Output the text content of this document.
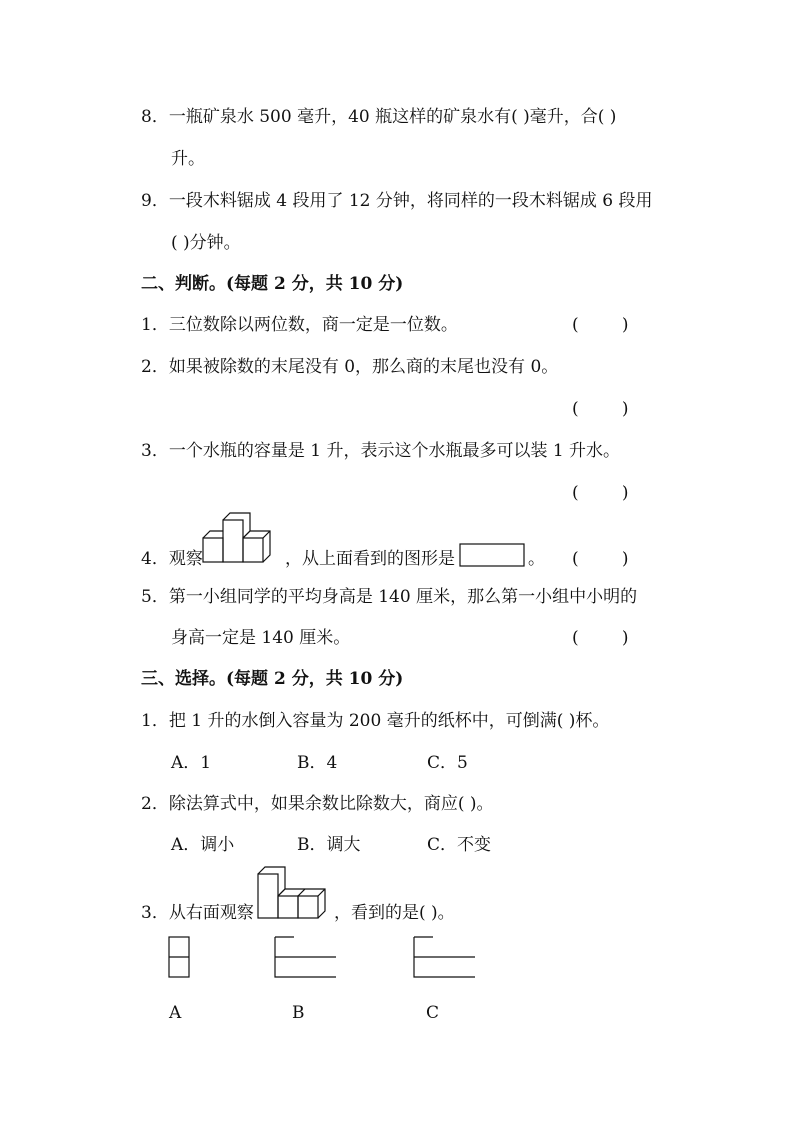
8．一瓶矿泉水 500 毫升，40 瓶这样的矿泉水有( )毫升，合( )
升。
9．一段木料锯成 4 段用了 12 分钟，将同样的一段木料锯成 6 段用
( )分钟。
二、判断。(每题 2 分，共 10 分)
1．三位数除以两位数，商一定是一位数。	(        )
2．如果被除数的末尾没有 0，那么商的末尾也没有 0。
(        )
3．一个水瓶的容量是 1 升，表示这个水瓶最多可以装 1 升水。
(        )
4．观察	，从上面看到的图形是	。 (        )
5．第一小组同学的平均身高是 140 厘米，那么第一小组中小明的
身高一定是 140 厘米。	(        )
三、选择。(每题 2 分，共 10 分)
1．把 1 升的水倒入容量为 200 毫升的纸杯中，可倒满( )杯。
A．1	B．4	C．5
2．除法算式中，如果余数比除数大，商应( )。
A．调小	B．调大	C．不变
3．从右面观察	，看到的是( )。
A	B	C
